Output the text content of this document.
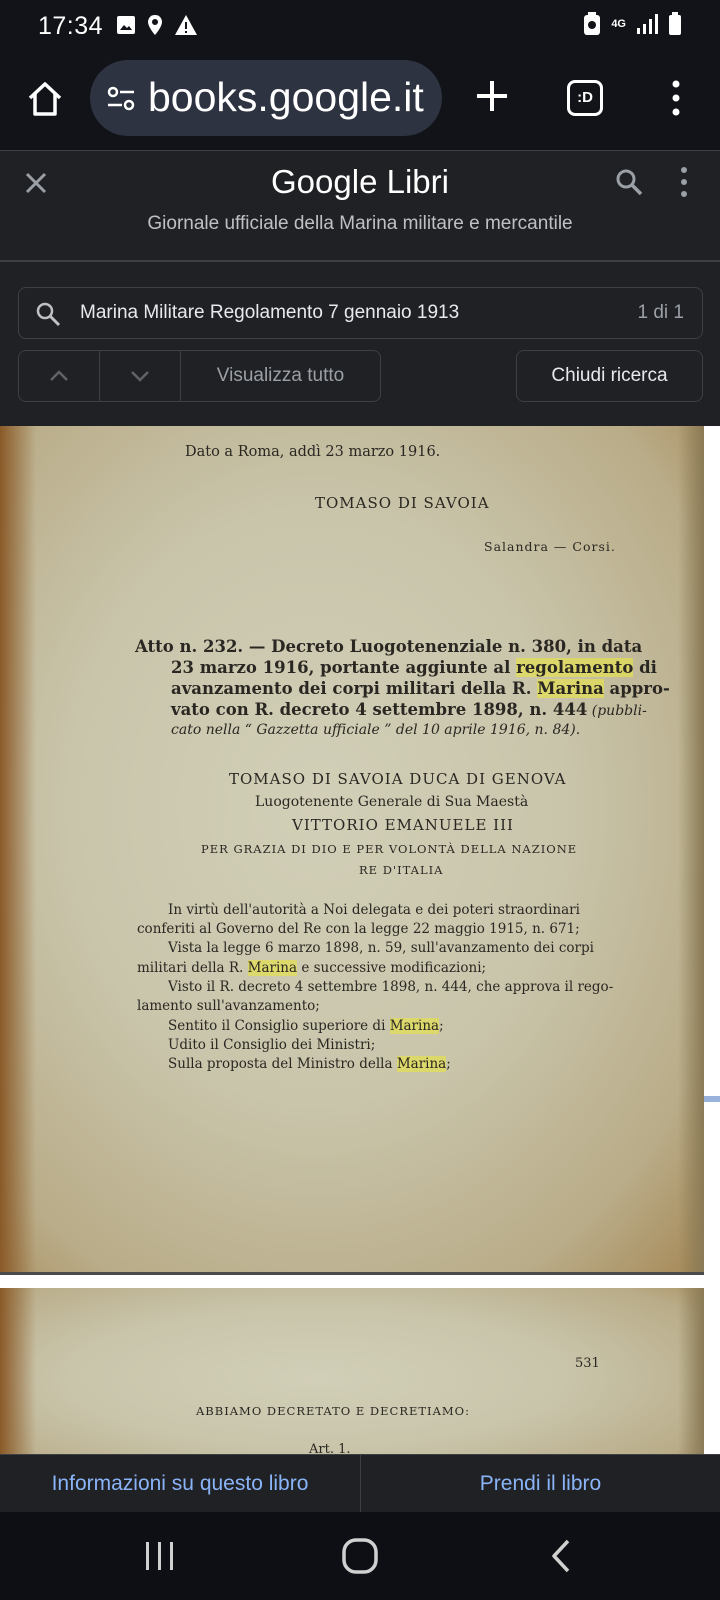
17:34	4G
books.google.it	:D
Google Libri
Giornale ufficiale della Marina militare e mercantile
Marina Militare Regolamento 7 gennaio 1913	1 di 1
Visualizza tutto	Chiudi ricerca
Dato a Roma, addì 23 marzo 1916.
TOMASO DI SAVOIA
Salandra — Corsi.
Atto n. 232. — Decreto Luogotenenziale n. 380, in data
23 marzo 1916, portante aggiunte al regolamento di
avanzamento dei corpi militari della R. Marina appro-
vato con R. decreto 4 settembre 1898, n. 444 (pubbli-
cato nella “ Gazzetta ufficiale ” del 10 aprile 1916, n. 84).
TOMASO DI SAVOIA DUCA DI GENOVA
Luogotenente Generale di Sua Maestà
VITTORIO EMANUELE III
PER GRAZIA DI DIO E PER VOLONTÀ DELLA NAZIONE
RE D'ITALIA
In virtù dell'autorità a Noi delegata e dei poteri straordinari
conferiti al Governo del Re con la legge 22 maggio 1915, n. 671;
Vista la legge 6 marzo 1898, n. 59, sull'avanzamento dei corpi
militari della R. Marina e successive modificazioni;
Visto il R. decreto 4 settembre 1898, n. 444, che approva il rego-
lamento sull'avanzamento;
Sentito il Consiglio superiore di Marina;
Udito il Consiglio dei Ministri;
Sulla proposta del Ministro della Marina;
531
ABBIAMO DECRETATO E DECRETIAMO:
Art. 1.
Informazioni su questo libro	Prendi il libro
